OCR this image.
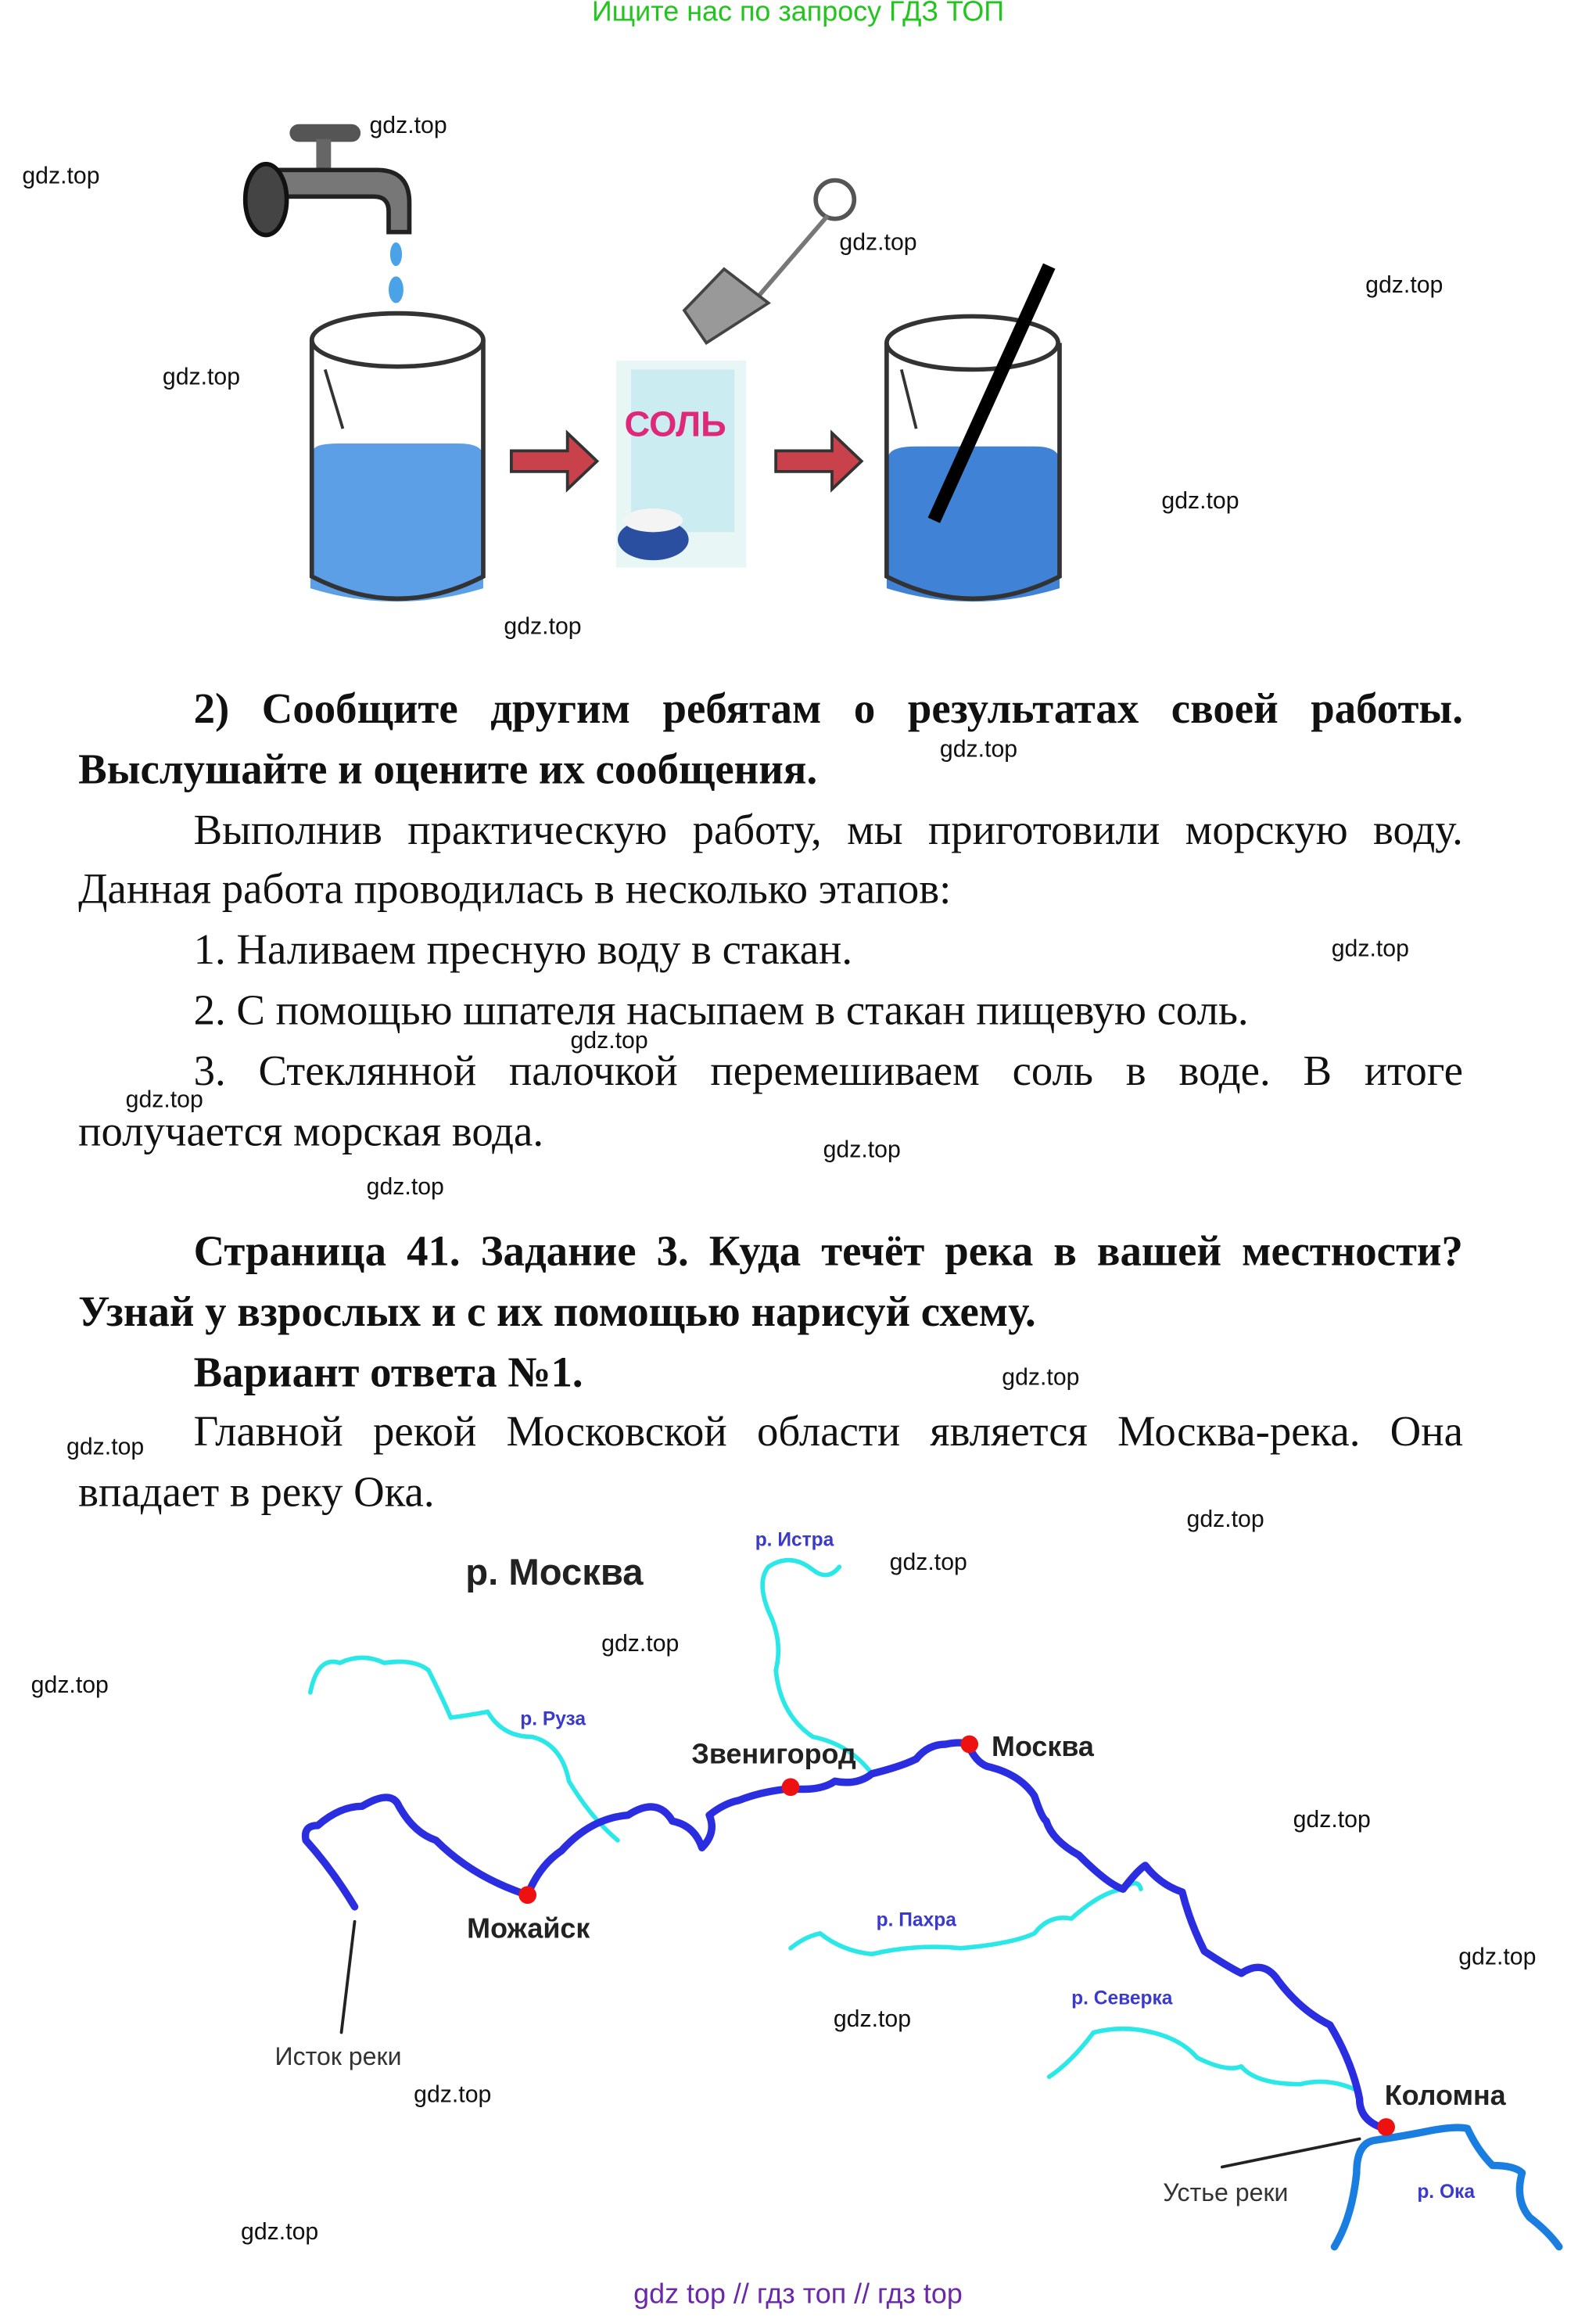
Ищите нас по запросу ГДЗ ТОП
СОЛЬ

2) Сообщите другим ребятам о результатах своей работы. Выслушайте и оцените их сообщения.

Выполнив практическую работу, мы приготовили морскую воду. Данная работа проводилась в несколько этапов:

1. Наливаем пресную воду в стакан.

2. С помощью шпателя насыпаем в стакан пищевую соль.

3. Стеклянной палочкой перемешиваем соль в воде. В итоге получается морская вода.

Страница 41. Задание 3. Куда течёт река в вашей местности? Узнай у взрослых и с их помощью нарисуй схему.

Вариант ответа №1.

Главной рекой Московской области является Москва-река. Она впадает в реку Ока.

р. Москва
Звенигород	Москва
Можайск
Коломна
р. Истра
р. Руза
р. Пахра
р. Северка
р. Ока
Исток реки
Устье реки
gdz.top
gdz.top
gdz.top
gdz.top
gdz.top
gdz.top
gdz.top
gdz.top
gdz.top
gdz.top
gdz.top
gdz.top
gdz.top
gdz.top
gdz.top
gdz.top
gdz.top
gdz.top
gdz.top
gdz.top
gdz.top
gdz.top
gdz.top
gdz.top
gdz top // гдз топ // гдз top
